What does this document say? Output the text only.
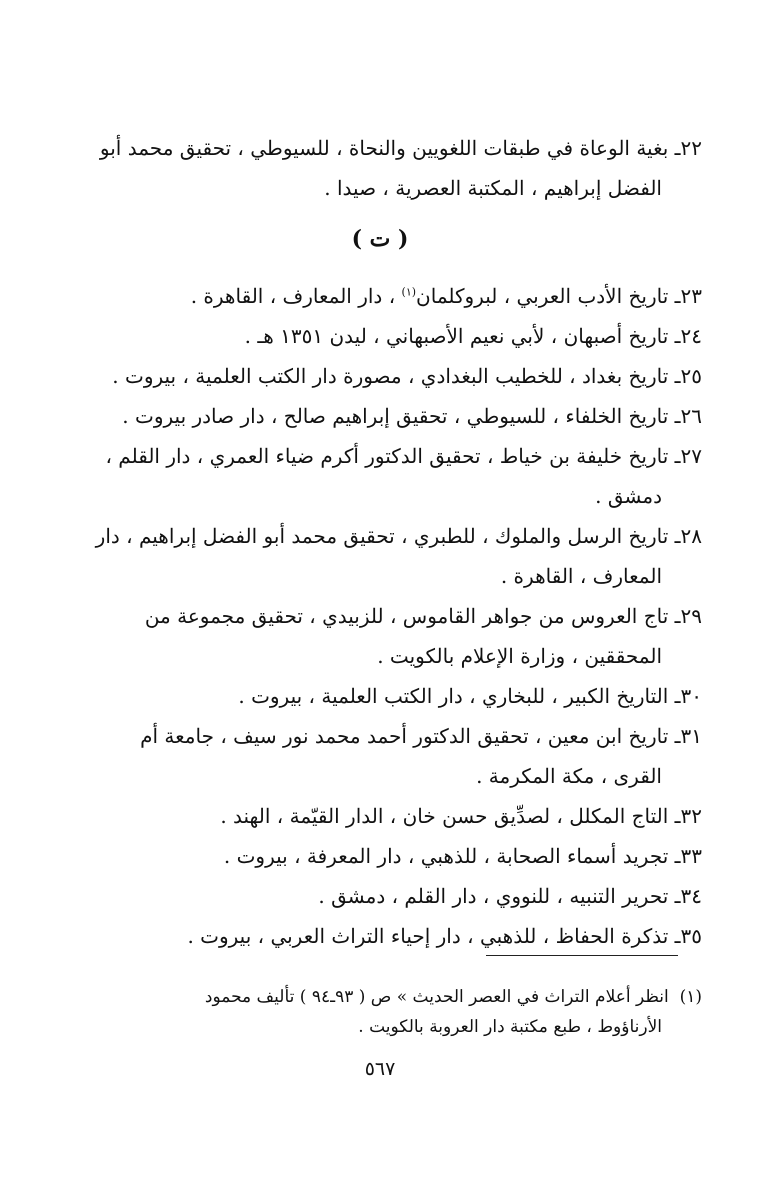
٢٢ـ بغية الوعاة في طبقات اللغويين والنحاة ، للسيوطي ، تحقيق محمد أبو
الفضل إبراهيم ، المكتبة العصرية ، صيدا .

( ت )

٢٣ـ تاريخ الأدب العربي ، لبروكلمان$^{(١)}$ ، دار المعارف ، القاهرة .

٢٤ـ تاريخ أصبهان ، لأبي نعيم الأصبهاني ، ليدن ١٣٥١ هـ .

٢٥ـ تاريخ بغداد ، للخطيب البغدادي ، مصورة دار الكتب العلمية ، بيروت .

٢٦ـ تاريخ الخلفاء ، للسيوطي ، تحقيق إبراهيم صالح ، دار صادر بيروت .

٢٧ـ تاريخ خليفة بن خياط ، تحقيق الدكتور أكرم ضياء العمري ، دار القلم ،
دمشق .

٢٨ـ تاريخ الرسل والملوك ، للطبري ، تحقيق محمد أبو الفضل إبراهيم ، دار
المعارف ، القاهرة .

٢٩ـ تاج العروس من جواهر القاموس ، للزبيدي ، تحقيق مجموعة من
المحققين ، وزارة الإعلام بالكويت .

٣٠ـ التاريخ الكبير ، للبخاري ، دار الكتب العلمية ، بيروت .

٣١ـ تاريخ ابن معين ، تحقيق الدكتور أحمد محمد نور سيف ، جامعة أم
القرى ، مكة المكرمة .

٣٢ـ التاج المكلل ، لصدِّيق حسن خان ، الدار القيّمة ، الهند .

٣٣ـ تجريد أسماء الصحابة ، للذهبي ، دار المعرفة ، بيروت .

٣٤ـ تحرير التنبيه ، للنووي ، دار القلم ، دمشق .

٣٥ـ تذكرة الحفاظ ، للذهبي ، دار إحياء التراث العربي ، بيروت .

(١)  انظر أعلام التراث في العصر الحديث » ص ( ٩٣ـ٩٤ ) تأليف محمود
الأرناؤوط ، طبع مكتبة دار العروبة بالكويت .
٥٦٧
